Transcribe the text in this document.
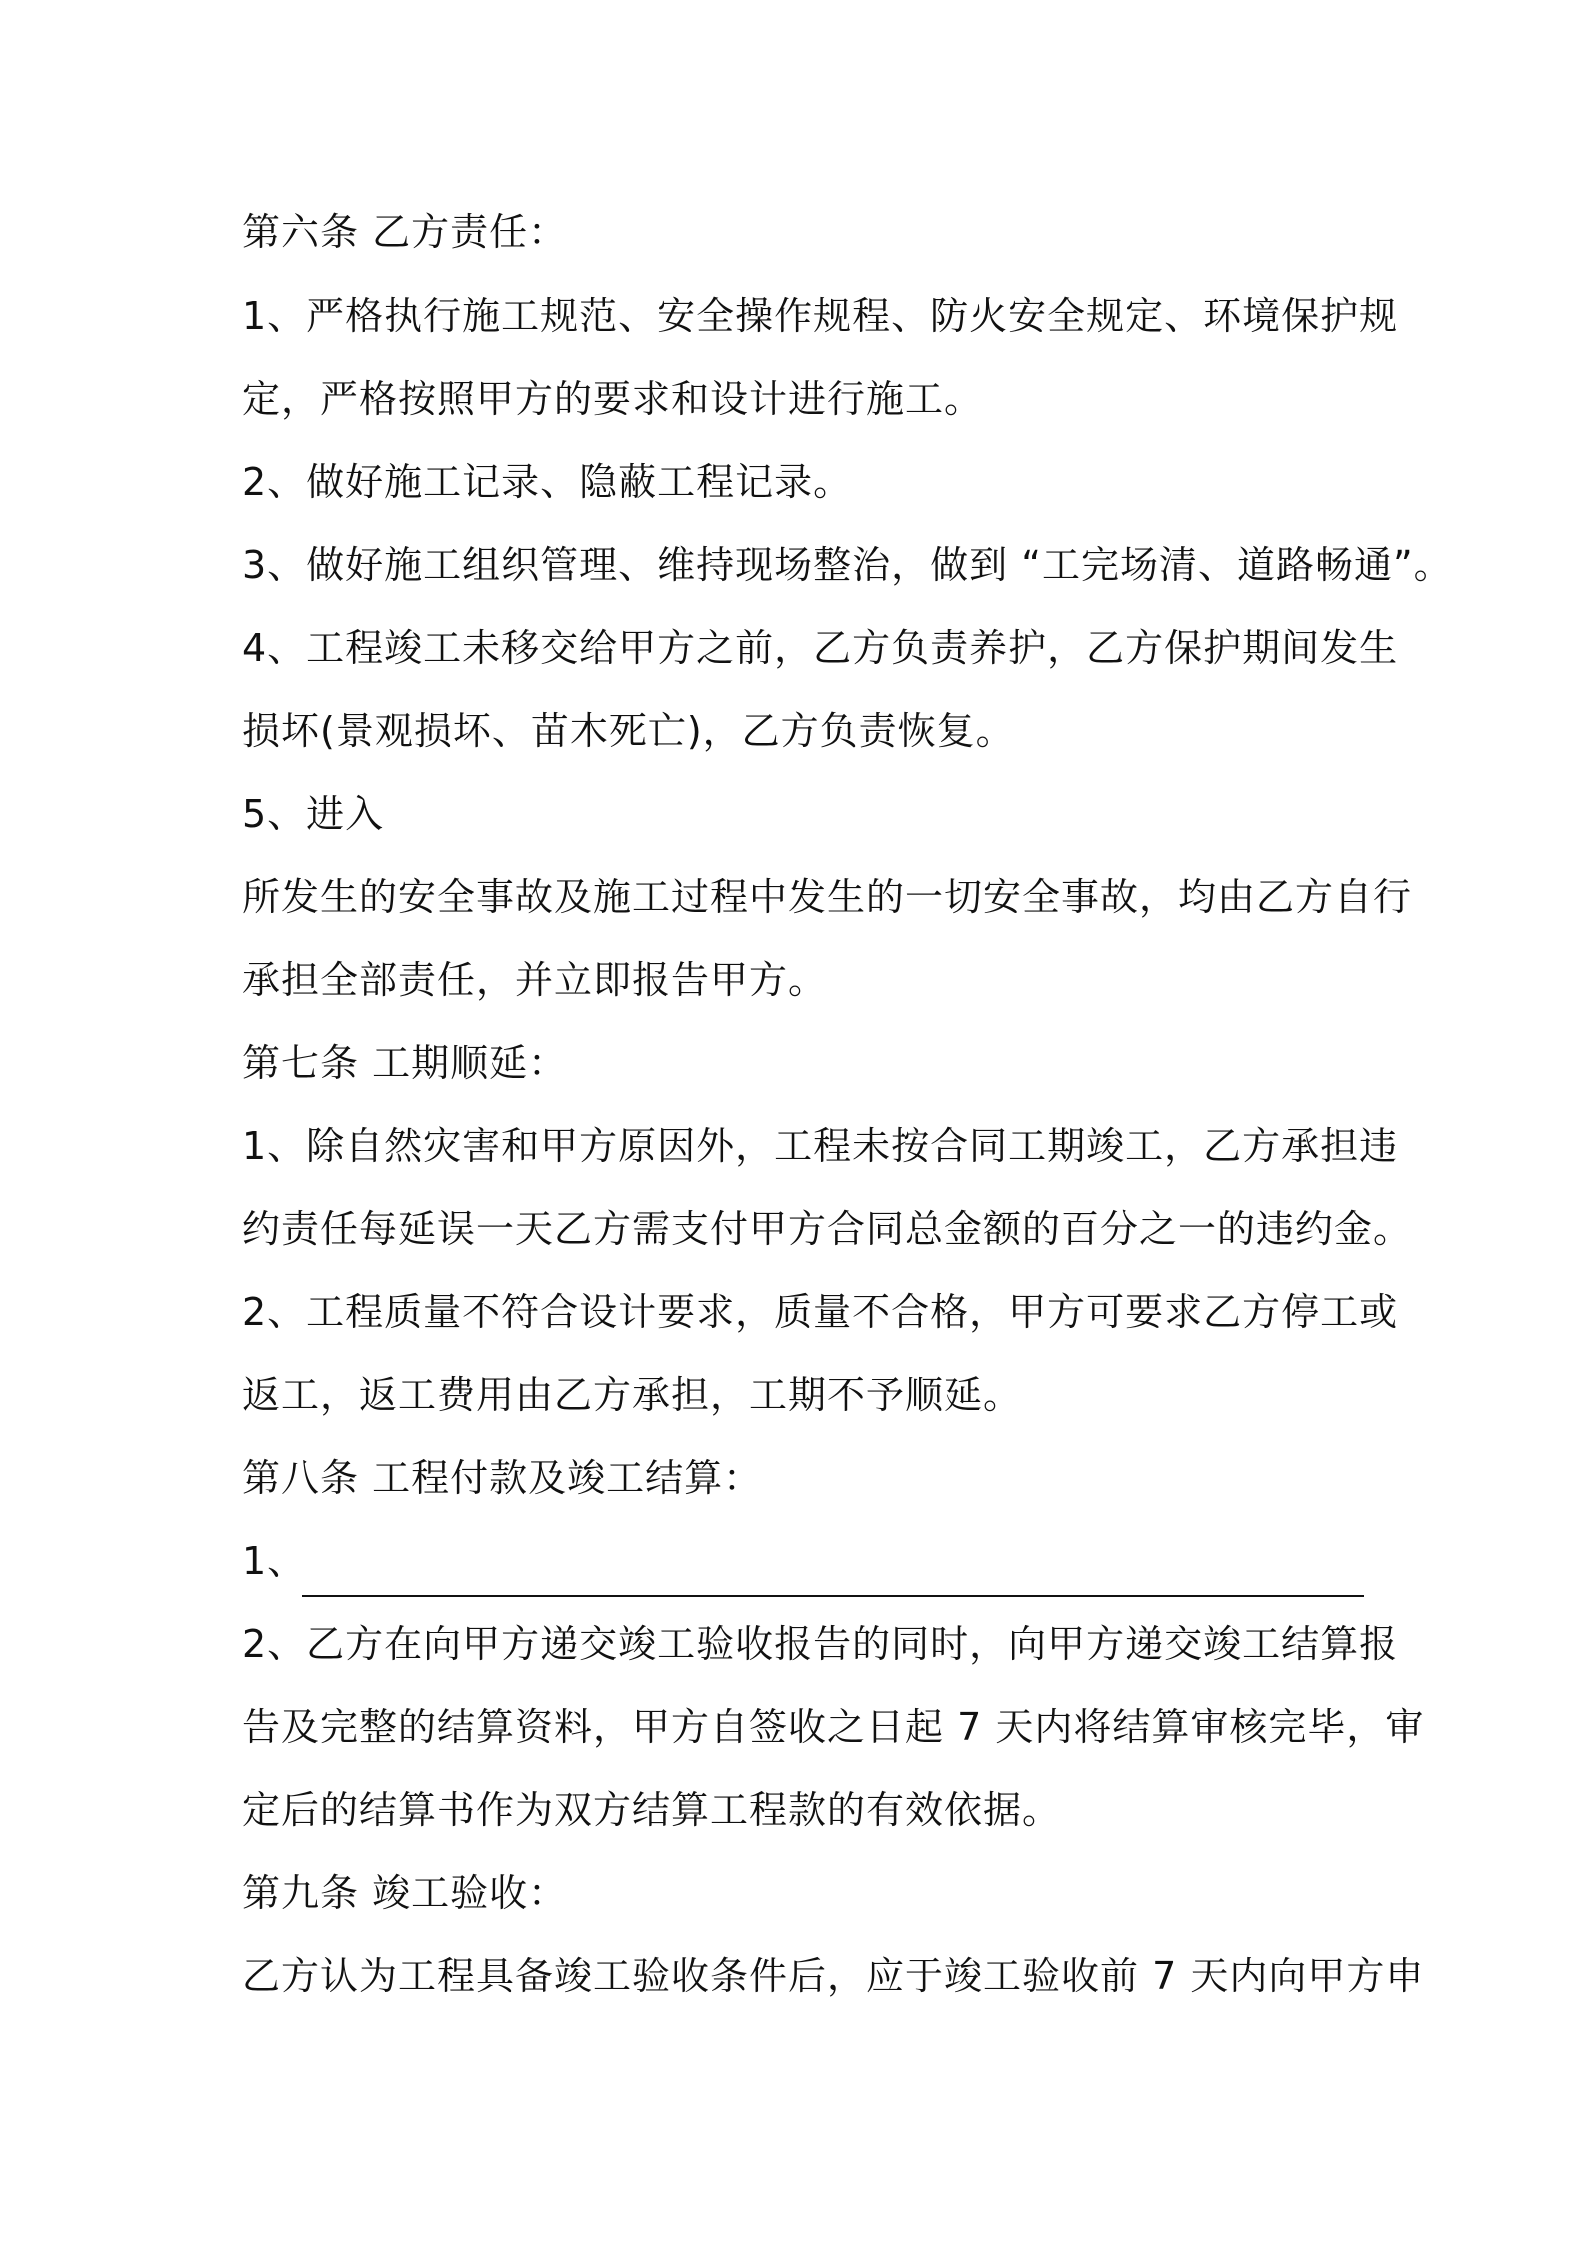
第六条 乙方责任：
1、严格执行施工规范、安全操作规程、防火安全规定、环境保护规
定，严格按照甲方的要求和设计进行施工。
2、做好施工记录、隐蔽工程记录。
3、做好施工组织管理、维持现场整治，做到 “工完场清、道路畅通”。
4、工程竣工未移交给甲方之前，乙方负责养护，乙方保护期间发生
损坏(景观损坏、苗木死亡)，乙方负责恢复。
5、进入
所发生的安全事故及施工过程中发生的一切安全事故，均由乙方自行
承担全部责任，并立即报告甲方。
第七条 工期顺延：
1、除自然灾害和甲方原因外，工程未按合同工期竣工，乙方承担违
约责任每延误一天乙方需支付甲方合同总金额的百分之一的违约金。
2、工程质量不符合设计要求，质量不合格，甲方可要求乙方停工或
返工，返工费用由乙方承担，工期不予顺延。
第八条 工程付款及竣工结算：
1、
2、乙方在向甲方递交竣工验收报告的同时，向甲方递交竣工结算报
告及完整的结算资料，甲方自签收之日起 7 天内将结算审核完毕，审
定后的结算书作为双方结算工程款的有效依据。
第九条 竣工验收：
乙方认为工程具备竣工验收条件后，应于竣工验收前 7 天内向甲方申
